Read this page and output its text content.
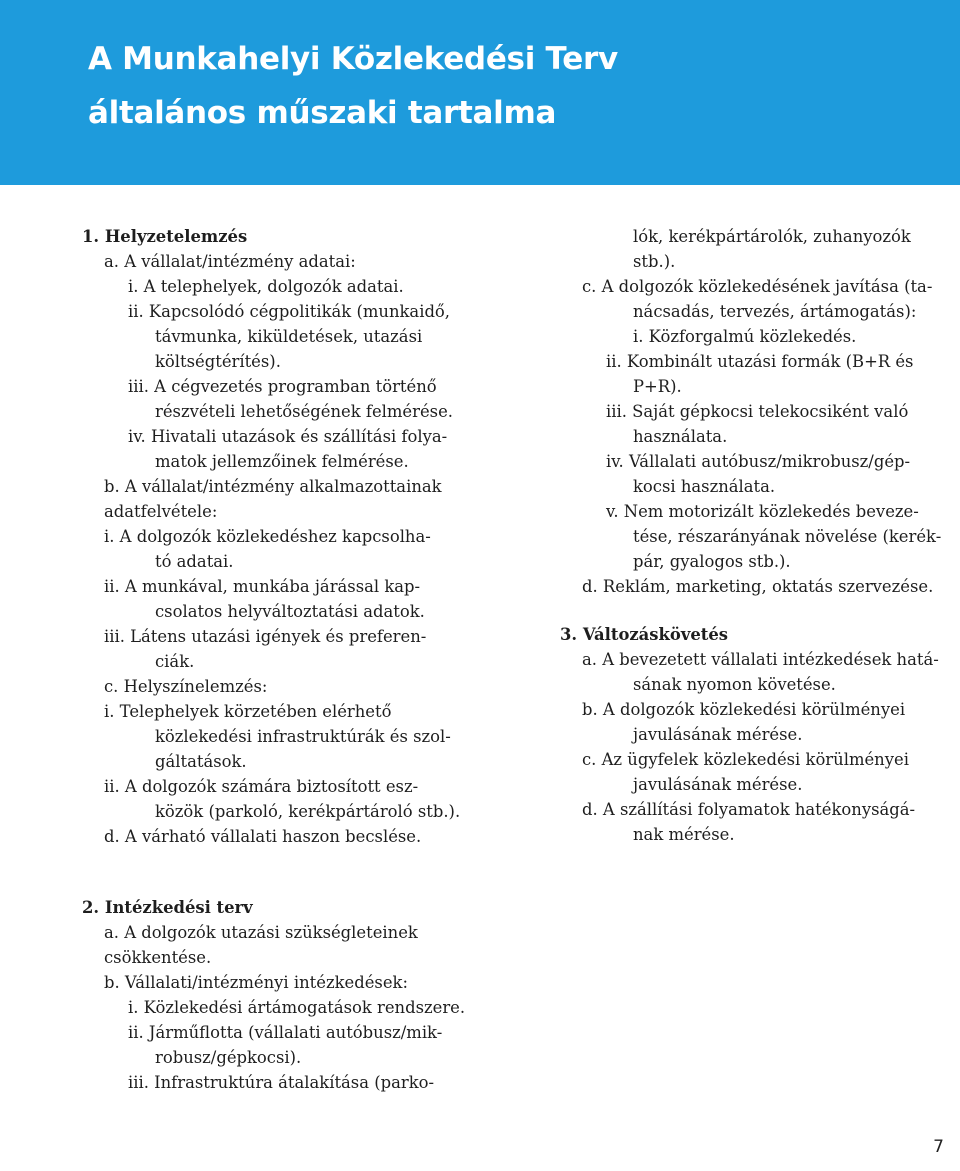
A Munkahelyi Közlekedési Terv
általános műszaki tartalma
1. Helyzetelemzés
a. A vállalat/intézmény adatai:
i. A telephelyek, dolgozók adatai.
ii. Kapcsolódó cégpolitikák (munkaidő,
távmunka, kiküldetések, utazási
költségtérítés).
iii. A cégvezetés programban történő
részvételi lehetőségének felmérése.
iv. Hivatali utazások és szállítási folya-
matok jellemzőinek felmérése.
b. A vállalat/intézmény alkalmazottainak
adatfelvétele:
i. A dolgozók közlekedéshez kapcsolha-
tó adatai.
ii. A munkával, munkába járással kap-
csolatos helyváltoztatási adatok.
iii. Látens utazási igények és preferen-
ciák.
c. Helyszínelemzés:
i. Telephelyek körzetében elérhető
közlekedési infrastruktúrák és szol-
gáltatások.
ii. A dolgozók számára biztosított esz-
közök (parkoló, kerékpártároló stb.).
d. A várható vállalati haszon becslése.
2. Intézkedési terv
a. A dolgozók utazási szükségleteinek
csökkentése.
b. Vállalati/intézményi intézkedések:
i. Közlekedési ártámogatások rendszere.
ii. Járműflotta (vállalati autóbusz/mik-
robusz/gépkocsi).
iii. Infrastruktúra átalakítása (parko-
lók, kerékpártárolók, zuhanyozók
stb.).
c. A dolgozók közlekedésének javítása (ta-
nácsadás, tervezés, ártámogatás):
i. Közforgalmú közlekedés.
ii. Kombinált utazási formák (B+R és
P+R).
iii. Saját gépkocsi telekocsiként való
használata.
iv. Vállalati autóbusz/mikrobusz/gép-
kocsi használata.
v. Nem motorizált közlekedés beveze-
tése, részarányának növelése (kerék-
pár, gyalogos stb.).
d. Reklám, marketing, oktatás szervezése.
3. Változáskövetés
a. A bevezetett vállalati intézkedések hatá-
sának nyomon követése.
b. A dolgozók közlekedési körülményei
javulásának mérése.
c. Az ügyfelek közlekedési körülményei
javulásának mérése.
d. A szállítási folyamatok hatékonyságá-
nak mérése.
7
